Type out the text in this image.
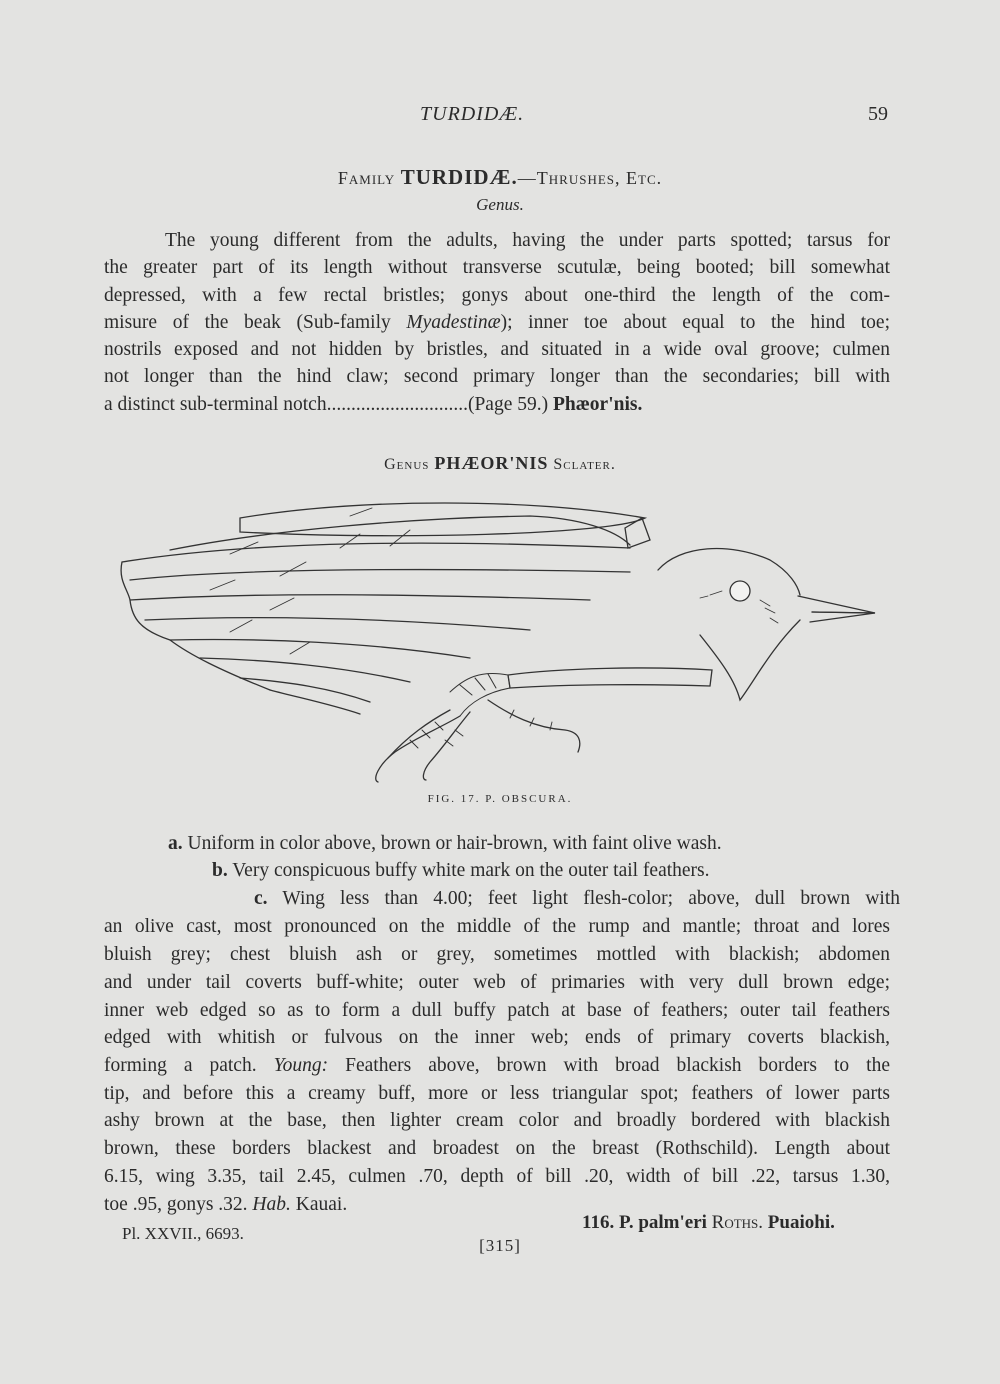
TURDIDÆ.	59
Family TURDIDÆ.—Thrushes, Etc.
Genus.
The young different from the adults, having the under parts spotted; tarsus for
the greater part of its length without transverse scutulæ, being booted; bill somewhat
depressed, with a few rectal bristles; gonys about one-third the length of the com-
misure of the beak (Sub-family Myadestinæ); inner toe about equal to the hind toe;
nostrils exposed and not hidden by bristles, and situated in a wide oval groove; culmen
not longer than the hind claw; second primary longer than the secondaries; bill with
a distinct sub-terminal notch.............................(Page 59.) Phæor'nis.
Genus PHÆOR'NIS Sclater.
FIG. 17. P. OBSCURA.
a. Uniform in color above, brown or hair-brown, with faint olive wash.
b. Very conspicuous buffy white mark on the outer tail feathers.
c. Wing less than 4.00; feet light flesh-color; above, dull brown with
an olive cast, most pronounced on the middle of the rump and mantle; throat and lores
bluish grey; chest bluish ash or grey, sometimes mottled with blackish; abdomen
and under tail coverts buff-white; outer web of primaries with very dull brown edge;
inner web edged so as to form a dull buffy patch at base of feathers; outer tail feathers
edged with whitish or fulvous on the inner web; ends of primary coverts blackish,
forming a patch. Young: Feathers above, brown with broad blackish borders to the
tip, and before this a creamy buff, more or less triangular spot; feathers of lower parts
ashy brown at the base, then lighter cream color and broadly bordered with blackish
brown, these borders blackest and broadest on the breast (Rothschild). Length about
6.15, wing 3.35, tail 2.45, culmen .70, depth of bill .20, width of bill .22, tarsus 1.30,
toe .95, gonys .32. Hab. Kauai.
Pl. XXVII., 6693.
116. P. palm'eri Roths. Puaiohi.
[315]
